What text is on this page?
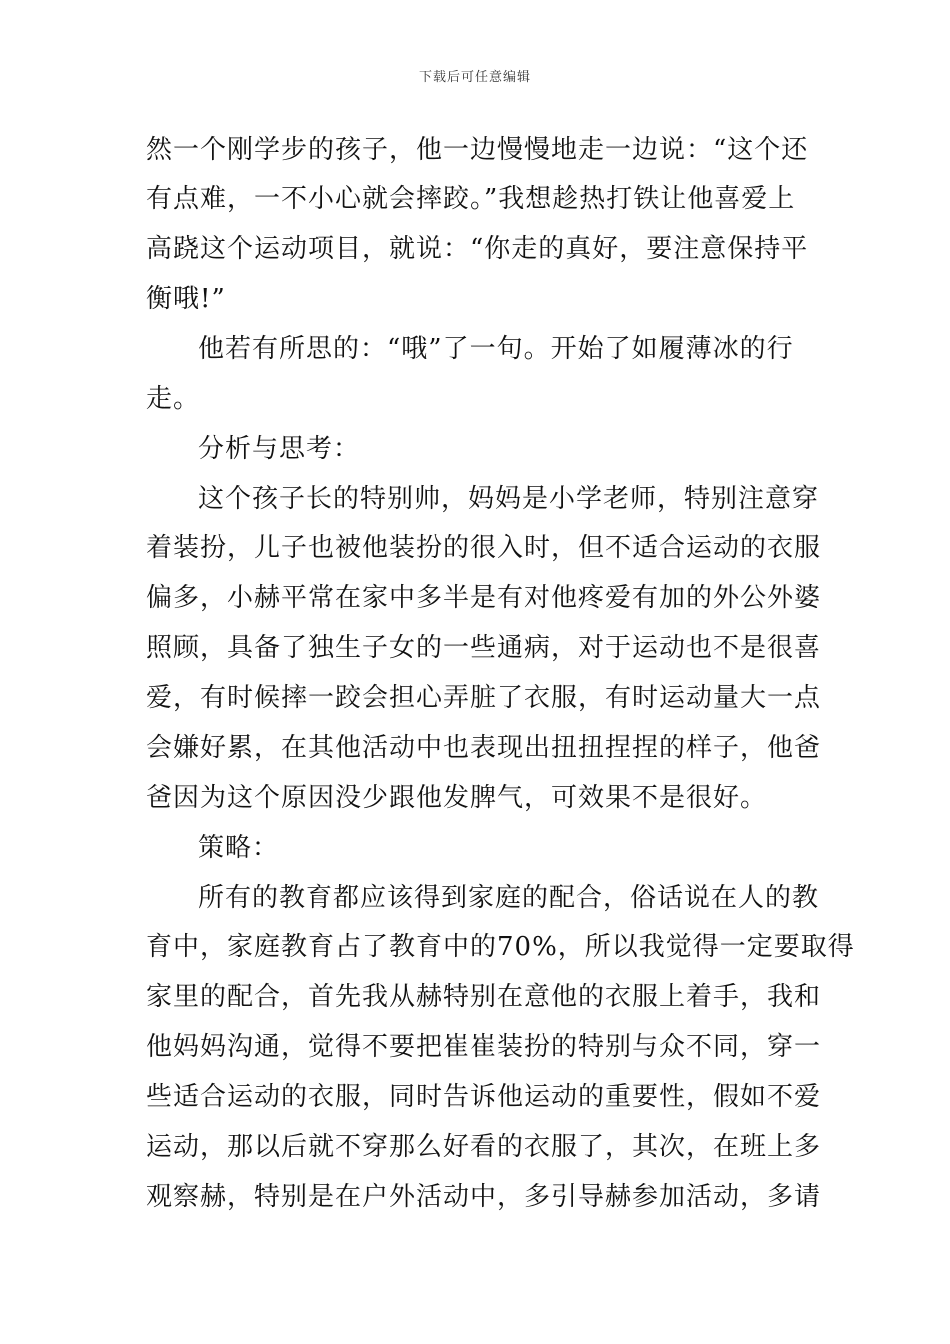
下载后可任意编辑
然一个刚学步的孩子，他一边慢慢地走一边说：“这个还
有点难，一不小心就会摔跤。”我想趁热打铁让他喜爱上
高跷这个运动项目，就说：“你走的真好，要注意保持平
衡哦!”
他若有所思的：“哦”了一句。开始了如履薄冰的行
走。
分析与思考：
这个孩子长的特别帅，妈妈是小学老师，特别注意穿
着装扮，儿子也被他装扮的很入时，但不适合运动的衣服
偏多，小赫平常在家中多半是有对他疼爱有加的外公外婆
照顾，具备了独生子女的一些通病，对于运动也不是很喜
爱，有时候摔一跤会担心弄脏了衣服，有时运动量大一点
会嫌好累，在其他活动中也表现出扭扭捏捏的样子，他爸
爸因为这个原因没少跟他发脾气，可效果不是很好。
策略：
所有的教育都应该得到家庭的配合，俗话说在人的教
育中，家庭教育占了教育中的70%，所以我觉得一定要取得
家里的配合，首先我从赫特别在意他的衣服上着手，我和
他妈妈沟通，觉得不要把崔崔装扮的特别与众不同，穿一
些适合运动的衣服，同时告诉他运动的重要性，假如不爱
运动，那以后就不穿那么好看的衣服了，其次，在班上多
观察赫，特别是在户外活动中，多引导赫参加活动，多请
